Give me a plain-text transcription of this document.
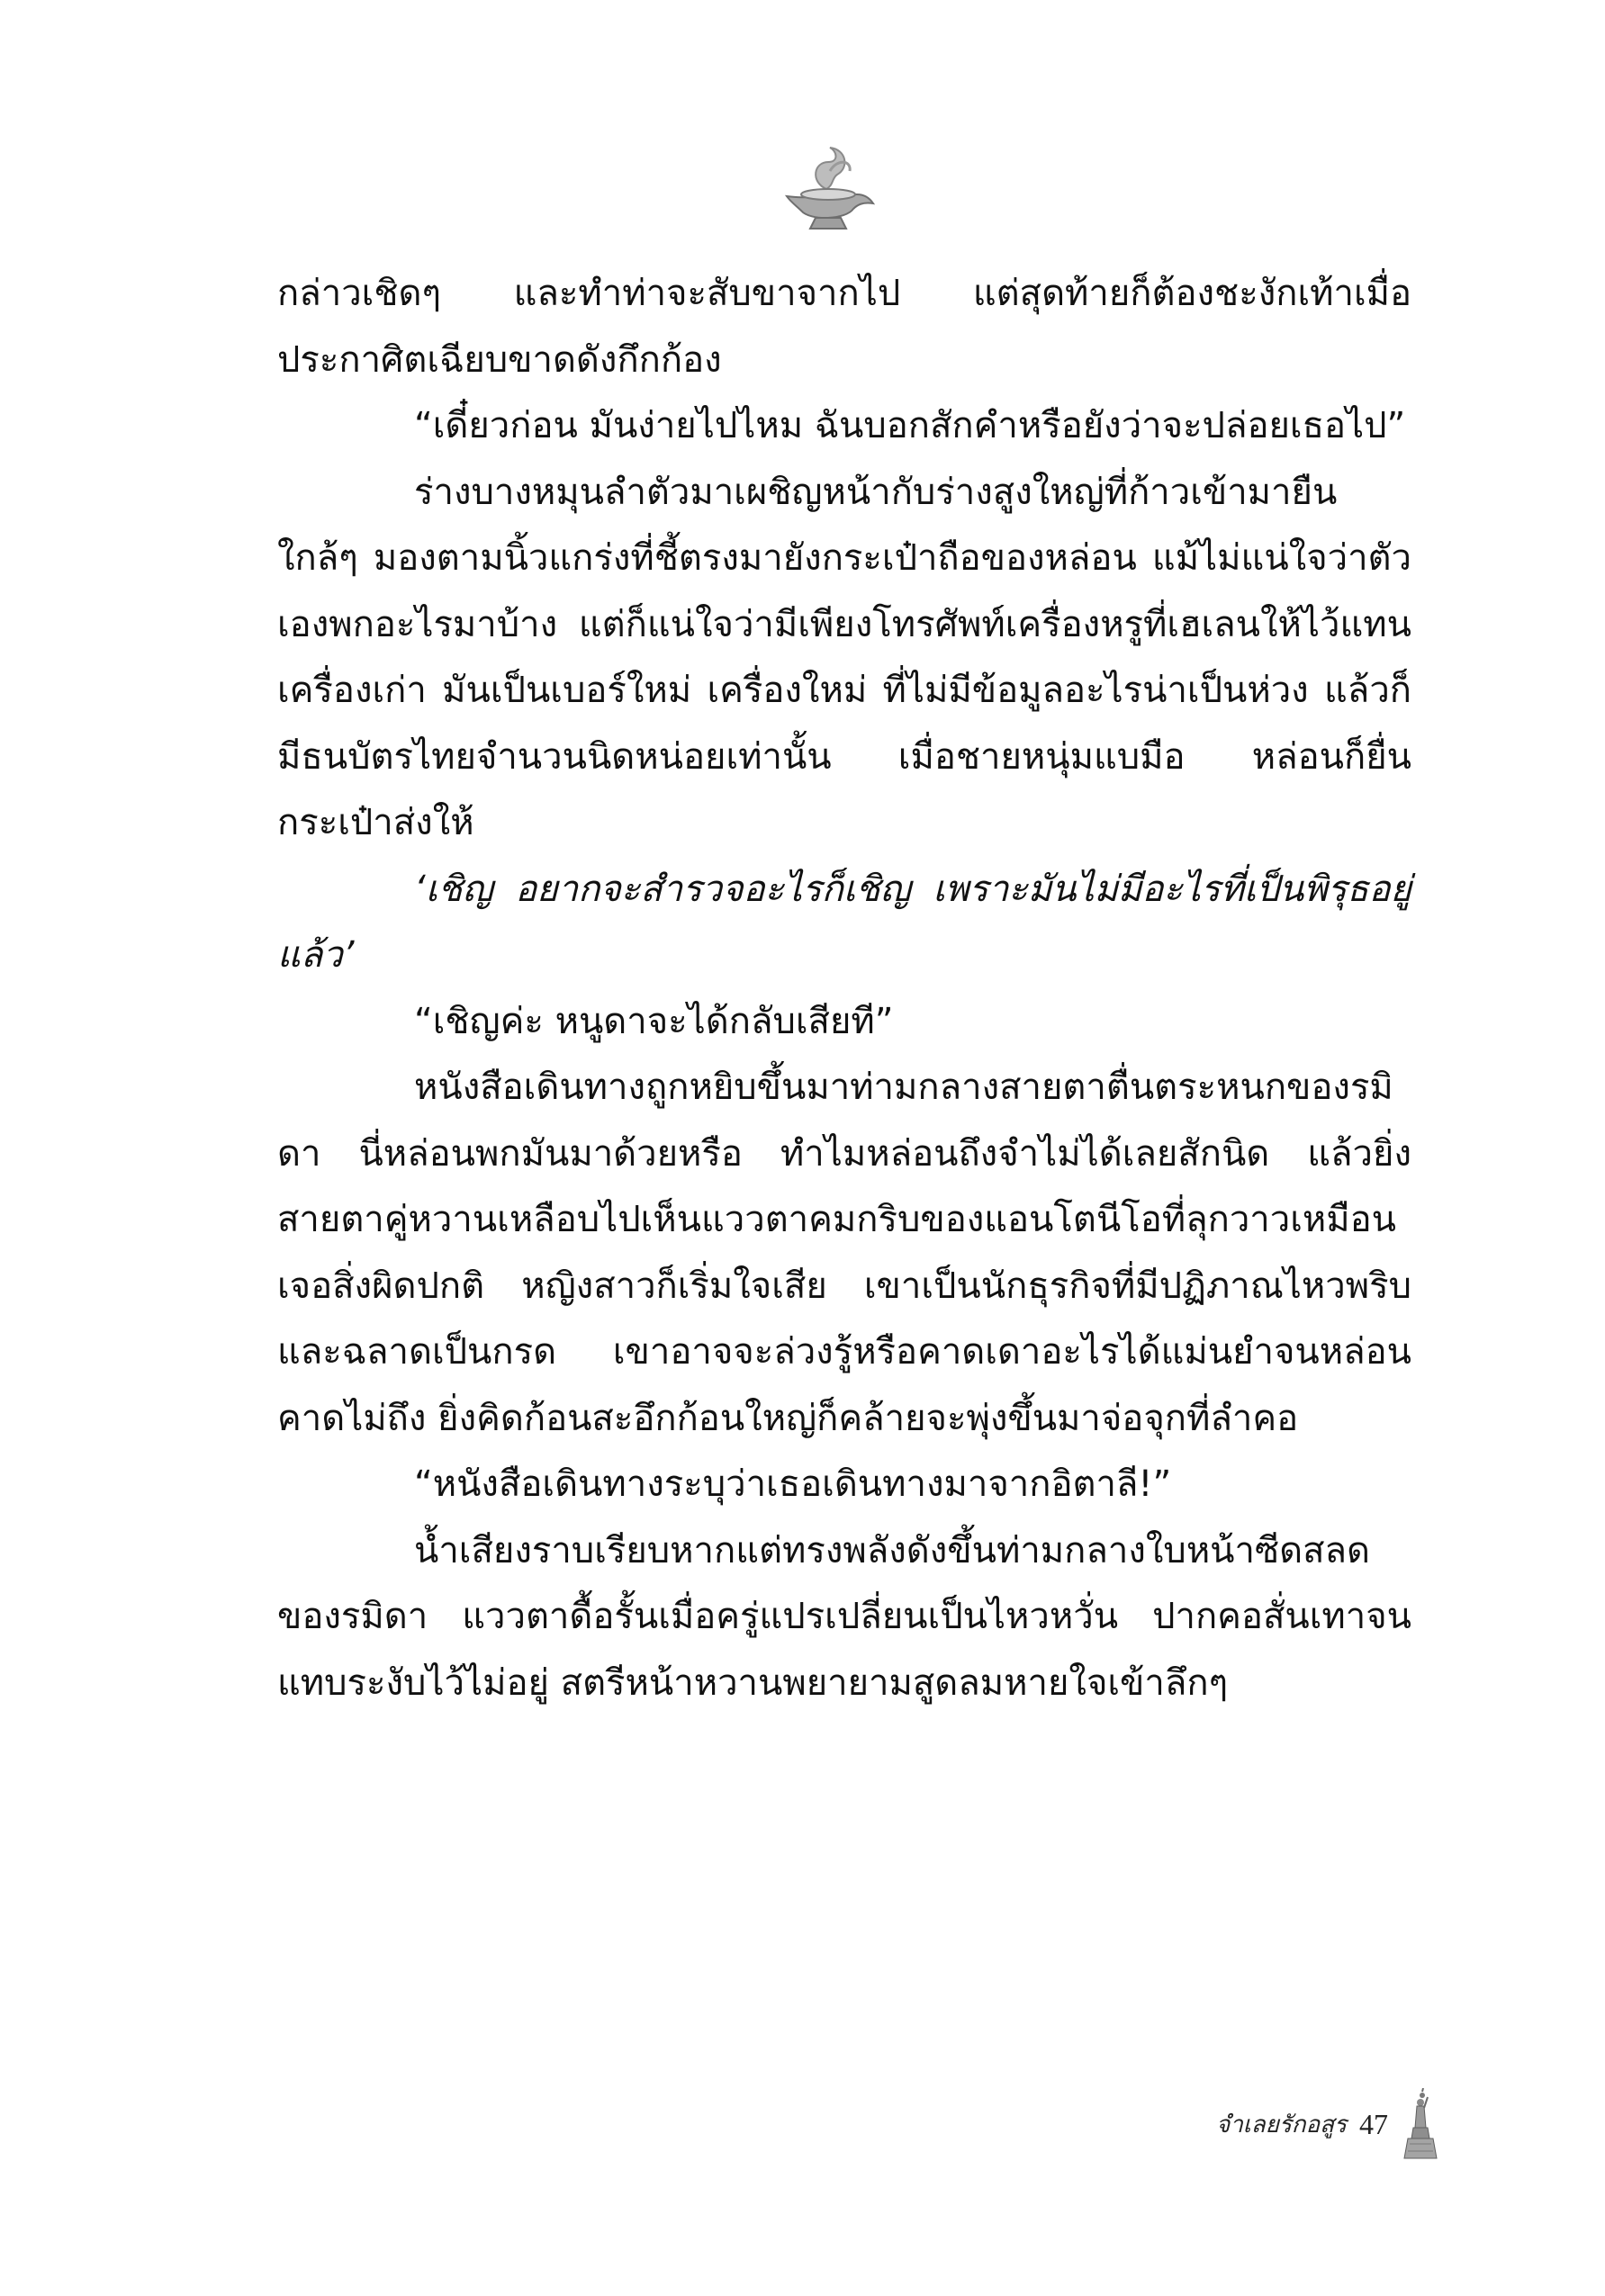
กล่าวเชิดๆ และทำท่าจะสับขาจากไป แต่สุดท้ายก็ต้องชะงักเท้าเมื่อประกาศิตเฉียบขาดดังกึกก้อง

“เดี๋ยวก่อน มันง่ายไปไหม ฉันบอกสักคำหรือยังว่าจะปล่อยเธอไป”

ร่างบางหมุนลำตัวมาเผชิญหน้ากับร่างสูงใหญ่ที่ก้าวเข้ามายืนใกล้ๆ มองตามนิ้วแกร่งที่ชี้ตรงมายังกระเป๋าถือของหล่อน แม้ไม่แน่ใจว่าตัวเองพกอะไรมาบ้าง แต่ก็แน่ใจว่ามีเพียงโทรศัพท์เครื่องหรูที่เฮเลนให้ไว้แทนเครื่องเก่า มันเป็นเบอร์ใหม่ เครื่องใหม่ ที่ไม่มีข้อมูลอะไรน่าเป็นห่วง แล้วก็มีธนบัตรไทยจำนวนนิดหน่อยเท่านั้น เมื่อชายหนุ่มแบมือ หล่อนก็ยื่นกระเป๋าส่งให้

‘เชิญ อยากจะสำรวจอะไรก็เชิญ เพราะมันไม่มีอะไรที่เป็นพิรุธอยู่แล้ว’

“เชิญค่ะ หนูดาจะได้กลับเสียที”

หนังสือเดินทางถูกหยิบขึ้นมาท่ามกลางสายตาตื่นตระหนกของรมิดา นี่หล่อนพกมันมาด้วยหรือ ทำไมหล่อนถึงจำไม่ได้เลยสักนิด แล้วยิ่งสายตาคู่หวานเหลือบไปเห็นแววตาคมกริบของแอนโตนีโอที่ลุกวาวเหมือนเจอสิ่งผิดปกติ หญิงสาวก็เริ่มใจเสีย เขาเป็นนักธุรกิจที่มีปฏิภาณไหวพริบและฉลาดเป็นกรด เขาอาจจะล่วงรู้หรือคาดเดาอะไรได้แม่นยำจนหล่อนคาดไม่ถึง ยิ่งคิดก้อนสะอึกก้อนใหญ่ก็คล้ายจะพุ่งขึ้นมาจ่อจุกที่ลำคอ

“หนังสือเดินทางระบุว่าเธอเดินทางมาจากอิตาลี!”

น้ำเสียงราบเรียบหากแต่ทรงพลังดังขึ้นท่ามกลางใบหน้าซีดสลดของรมิดา แววตาดื้อรั้นเมื่อครู่แปรเปลี่ยนเป็นไหวหวั่น ปากคอสั่นเทาจนแทบระงับไว้ไม่อยู่ สตรีหน้าหวานพยายามสูดลมหายใจเข้าลึกๆ

จำเลยรักอสูร 47
